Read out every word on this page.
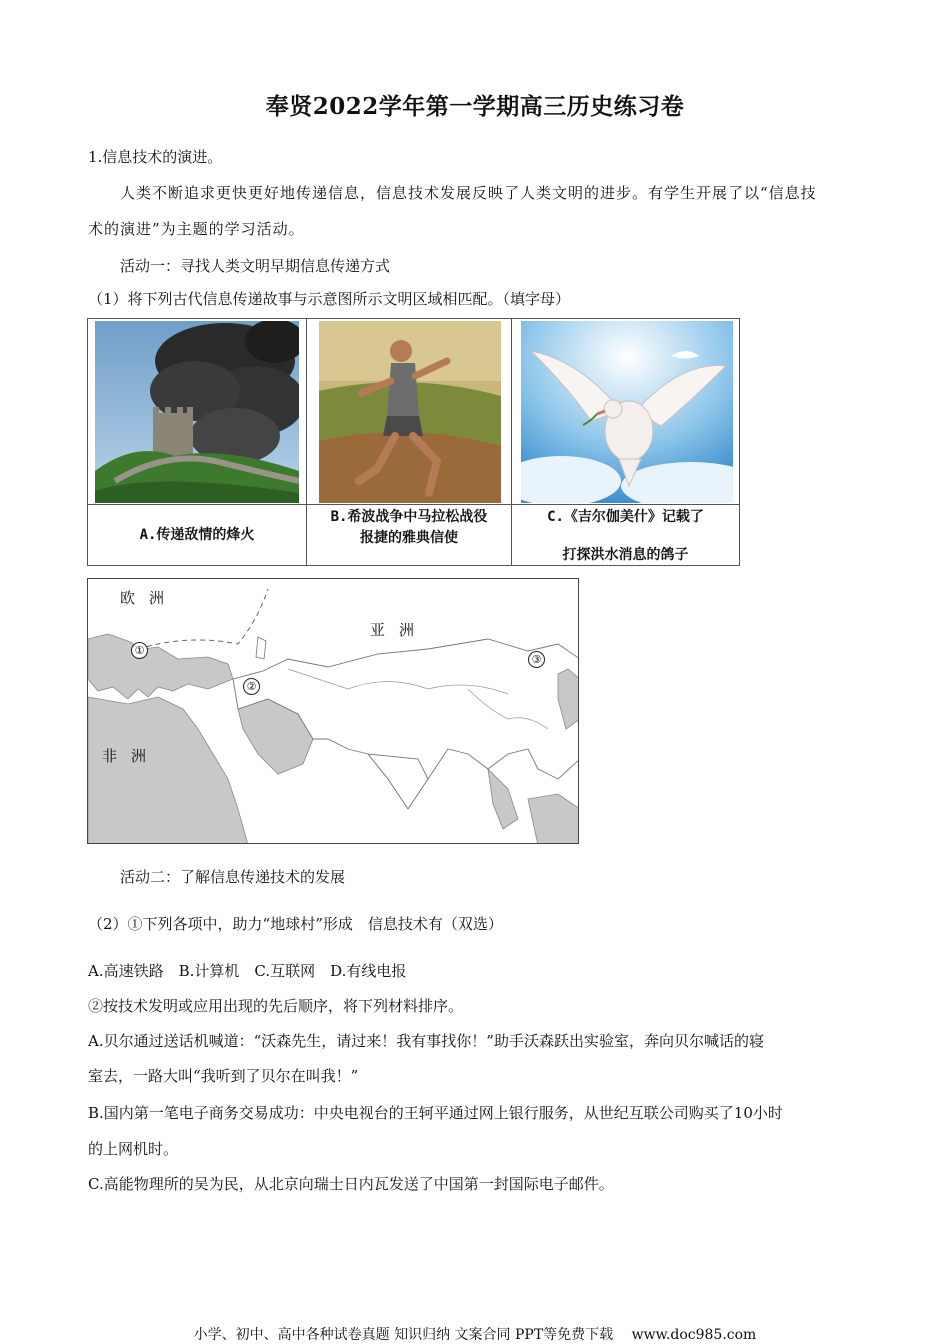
奉贤2022学年第一学期高三历史练习卷
1.信息技术的演进。
人类不断追求更快更好地传递信息，信息技术发展反映了人类文明的进步。有学生开展了以“信息技
术的演进”为主题的学习活动。
活动一：寻找人类文明早期信息传递方式
（1）将下列古代信息传递故事与示意图所示文明区域相匹配。（填字母）
A.传递敌情的烽火
B.希波战争中马拉松战役
报捷的雅典信使
C.《吉尔伽美什》记载了
打探洪水消息的鸽子
欧洲
亚洲
非洲
①
②
③
活动二：了解信息传递技术的发展
（2）①下列各项中，助力“地球村”形成　信息技术有（双选）
A.高速铁路　B.计算机　C.互联网　D.有线电报
②按技术发明或应用出现的先后顺序，将下列材料排序。
A.贝尔通过送话机喊道：“沃森先生，请过来！我有事找你！”助手沃森跃出实验室，奔向贝尔喊话的寝
室去，一路大叫“我听到了贝尔在叫我！”
B.国内第一笔电子商务交易成功：中央电视台的王轲平通过网上银行服务，从世纪互联公司购买了10小时
的上网机时。
C.高能物理所的吴为民，从北京向瑞士日内瓦发送了中国第一封国际电子邮件。
小学、初中、高中各种试卷真题 知识归纳 文案合同 PPT等免费下载　 www.doc985.com
